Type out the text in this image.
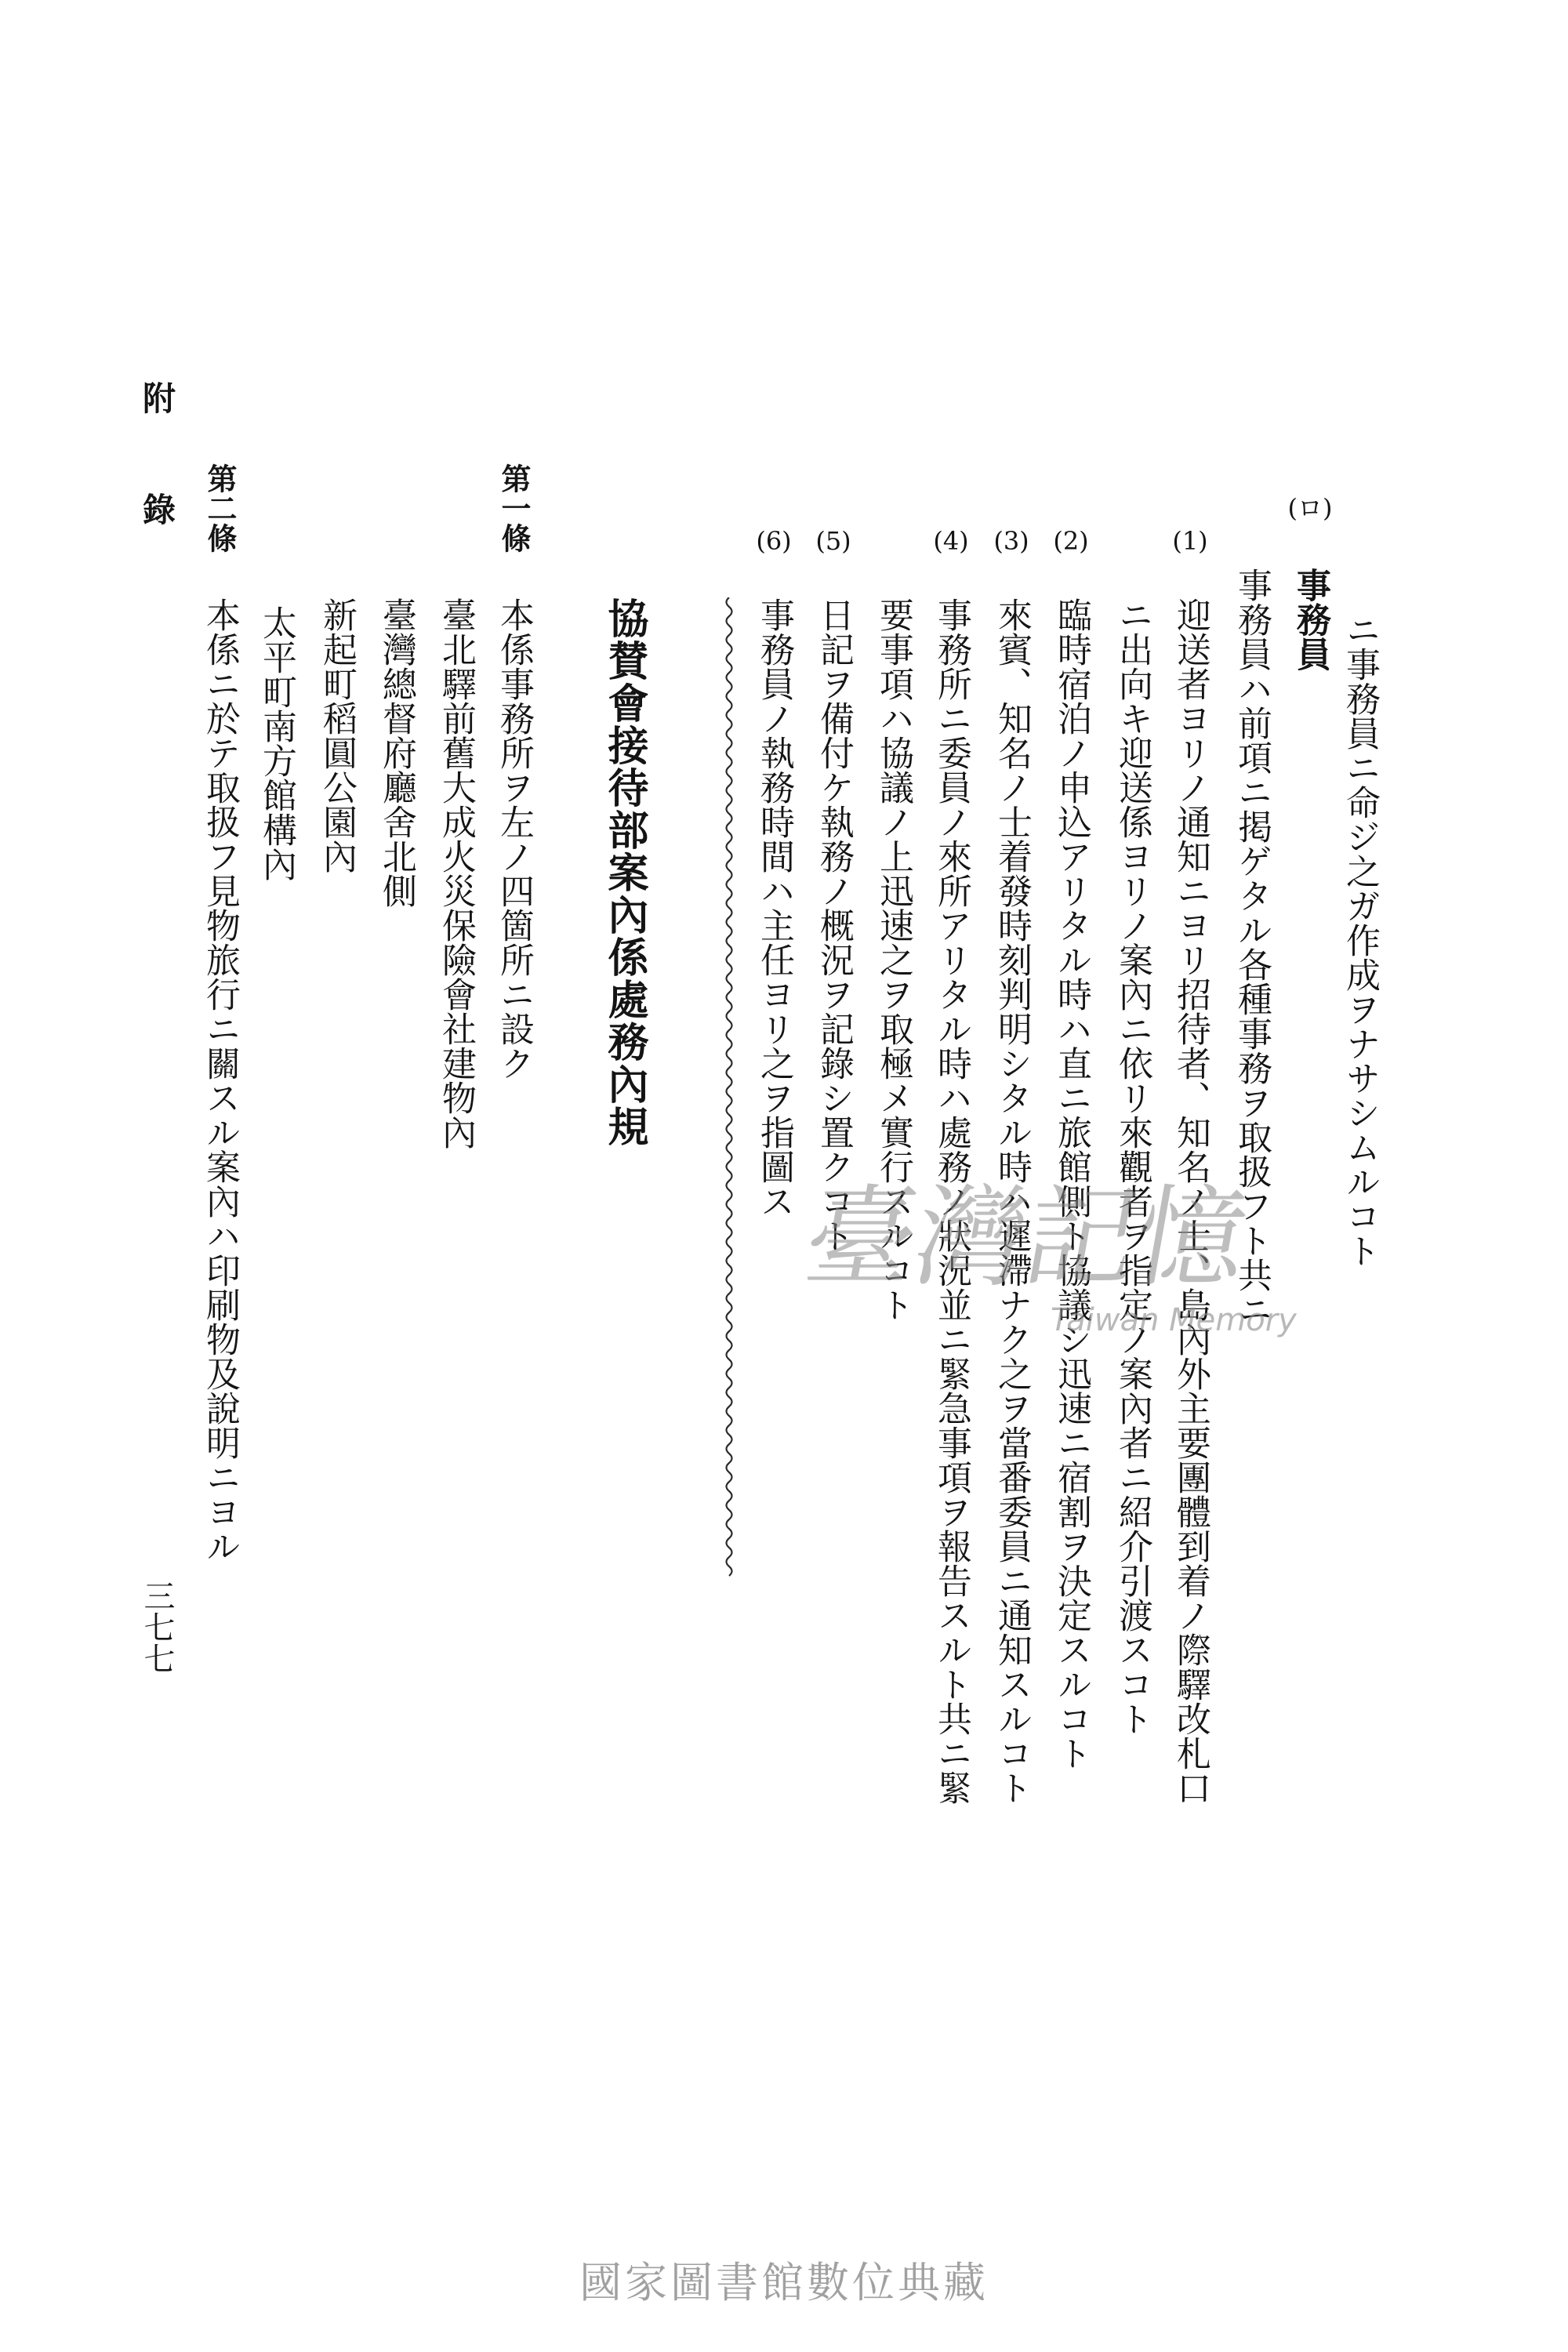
ニ事務員ニ命ジ之ガ作成ヲナサシムルコト
(ロ)
事務員
事務員ハ前項ニ掲ゲタル各種事務ヲ取扱フト共ニ
(1)
迎送者ヨリノ通知ニヨリ招待者、知名ノ士、島內外主要團體到着ノ際驛改札口
ニ出向キ迎送係ヨリノ案內ニ依リ來觀者ヲ指定ノ案內者ニ紹介引渡スコト
(2)
臨時宿泊ノ申込アリタル時ハ直ニ旅館側ト協議シ迅速ニ宿割ヲ決定スルコト
(3)
來賓、知名ノ士着發時刻判明シタル時ハ遲滯ナク之ヲ當番委員ニ通知スルコト
(4)
事務所ニ委員ノ來所アリタル時ハ處務ノ狀況並ニ緊急事項ヲ報告スルト共ニ緊
要事項ハ協議ノ上迅速之ヲ取極メ實行スルコト
(5)
日記ヲ備付ケ執務ノ概況ヲ記錄シ置クコト
(6)
事務員ノ執務時間ハ主任ヨリ之ヲ指圖ス
協賛會接待部案內係處務內規
第一條
本係事務所ヲ左ノ四箇所ニ設ク
臺北驛前舊大成火災保險會社建物內
臺灣總督府廳舍北側
新起町稻圓公園內
太平町南方館構內
第二條
本係ニ於テ取扱フ見物旅行ニ關スル案內ハ印刷物及說明ニヨル
附錄
三七七
臺灣記憶
Taiwan Memory
國家圖書館數位典藏
